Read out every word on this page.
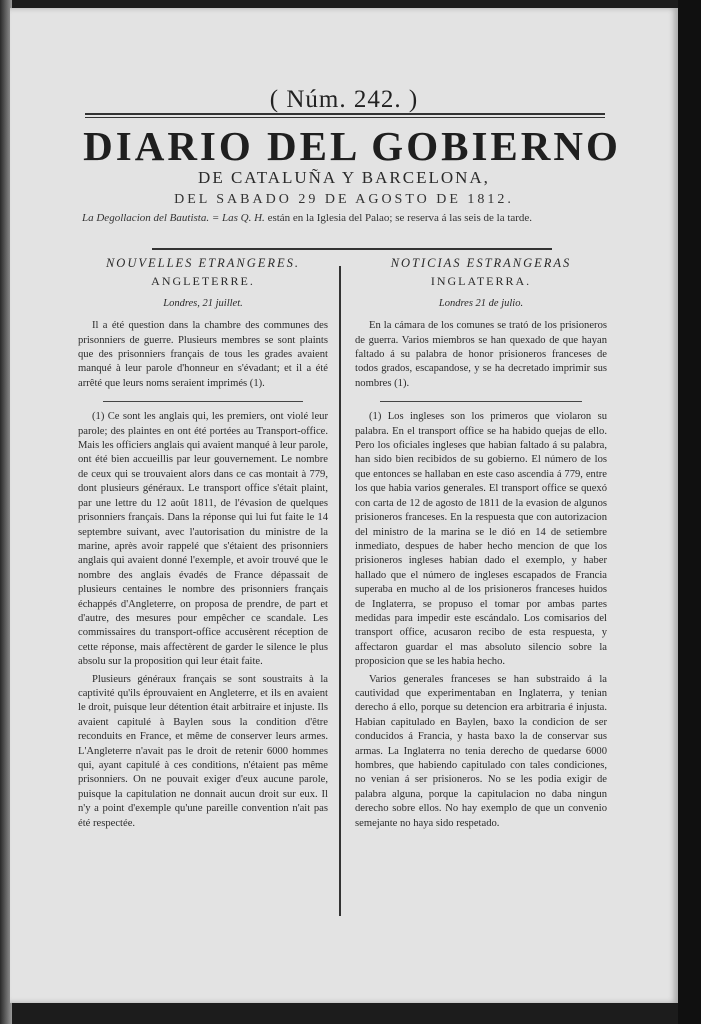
( Núm. 242. )
DIARIO DEL GOBIERNO
DE CATALUÑA Y BARCELONA,
DEL SABADO 29 DE AGOSTO DE 1812.
La Degollacion del Bautista. = Las Q. H. están en la Iglesia del Palao; se reserva á las seis de la tarde.

NOUVELLES ETRANGERES.

ANGLETERRE.

Londres, 21 juillet.

Il a été question dans la chambre des communes des prisonniers de guerre. Plusieurs membres se sont plaints que des prisonniers français de tous les grades avaient manqué à leur parole d'honneur en s'évadant; et il a été arrêté que leurs noms seraient imprimés (1).

(1) Ce sont les anglais qui, les premiers, ont violé leur parole; des plaintes en ont été portées au Transport-office. Mais les officiers anglais qui avaient manqué à leur parole, ont été bien accueillis par leur gouvernement. Le nombre de ceux qui se trouvaient alors dans ce cas montait à 779, dont plusieurs généraux. Le transport office s'était plaint, par une lettre du 12 août 1811, de l'évasion de quelques prisonniers français. Dans la réponse qui lui fut faite le 14 septembre suivant, avec l'autorisation du ministre de la marine, après avoir rappelé que s'étaient des prisonniers anglais qui avaient donné l'exemple, et avoir trouvé que le nombre des anglais évadés de France dépassait de plusieurs centaines le nombre des prisonniers français échappés d'Angleterre, on proposa de prendre, de part et d'autre, des mesures pour empêcher ce scandale. Les commissaires du transport-office accusèrent réception de cette réponse, mais affectèrent de garder le silence le plus absolu sur la proposition qui leur était faite.

Plusieurs généraux français se sont soustraits à la captivité qu'ils éprouvaient en Angleterre, et ils en avaient le droit, puisque leur détention était arbitraire et injuste. Ils avaient capitulé à Baylen sous la condition d'être reconduits en France, et même de conserver leurs armes. L'Angleterre n'avait pas le droit de retenir 6000 hommes qui, ayant capitulé à ces conditions, n'étaient pas même prisonniers. On ne pouvait exiger d'eux aucune parole, puisque la capitulation ne donnait aucun droit sur eux. Il n'y a point d'exemple qu'une pareille convention n'ait pas été respectée.

NOTICIAS ESTRANGERAS

INGLATERRA.

Londres 21 de julio.

En la cámara de los comunes se trató de los prisioneros de guerra. Varios miembros se han quexado de que hayan faltado á su palabra de honor prisioneros franceses de todos grados, escapandose, y se ha decretado imprimir sus nombres (1).

(1) Los ingleses son los primeros que violaron su palabra. En el transport office se ha habido quejas de ello. Pero los oficiales ingleses que habian faltado á su palabra, han sido bien recibidos de su gobierno. El número de los que entonces se hallaban en este caso ascendia á 779, entre los que habia varios generales. El transport office se quexó con carta de 12 de agosto de 1811 de la evasion de algunos prisioneros franceses. En la respuesta que con autorizacion del ministro de la marina se le dió en 14 de setiembre inmediato, despues de haber hecho mencion de que los prisioneros ingleses habian dado el exemplo, y haber hallado que el número de ingleses escapados de Francia superaba en mucho al de los prisioneros franceses huidos de Inglaterra, se propuso el tomar por ambas partes medidas para impedir este escándalo. Los comisarios del transport office, acusaron recibo de esta respuesta, y affectaron guardar el mas absoluto silencio sobre la proposicion que se les habia hecho.

Varios generales franceses se han substraido á la cautividad que experimentaban en Inglaterra, y tenian derecho á ello, porque su detencion era arbitraria é injusta. Habian capitulado en Baylen, baxo la condicion de ser conducidos á Francia, y hasta baxo la de conservar sus armas. La Inglaterra no tenia derecho de quedarse 6000 hombres, que habiendo capitulado con tales condiciones, no venian á ser prisioneros. No se les podia exigir de palabra alguna, porque la capitulacion no daba ningun derecho sobre ellos. No hay exemplo de que un convenio semejante no haya sido respetado.
